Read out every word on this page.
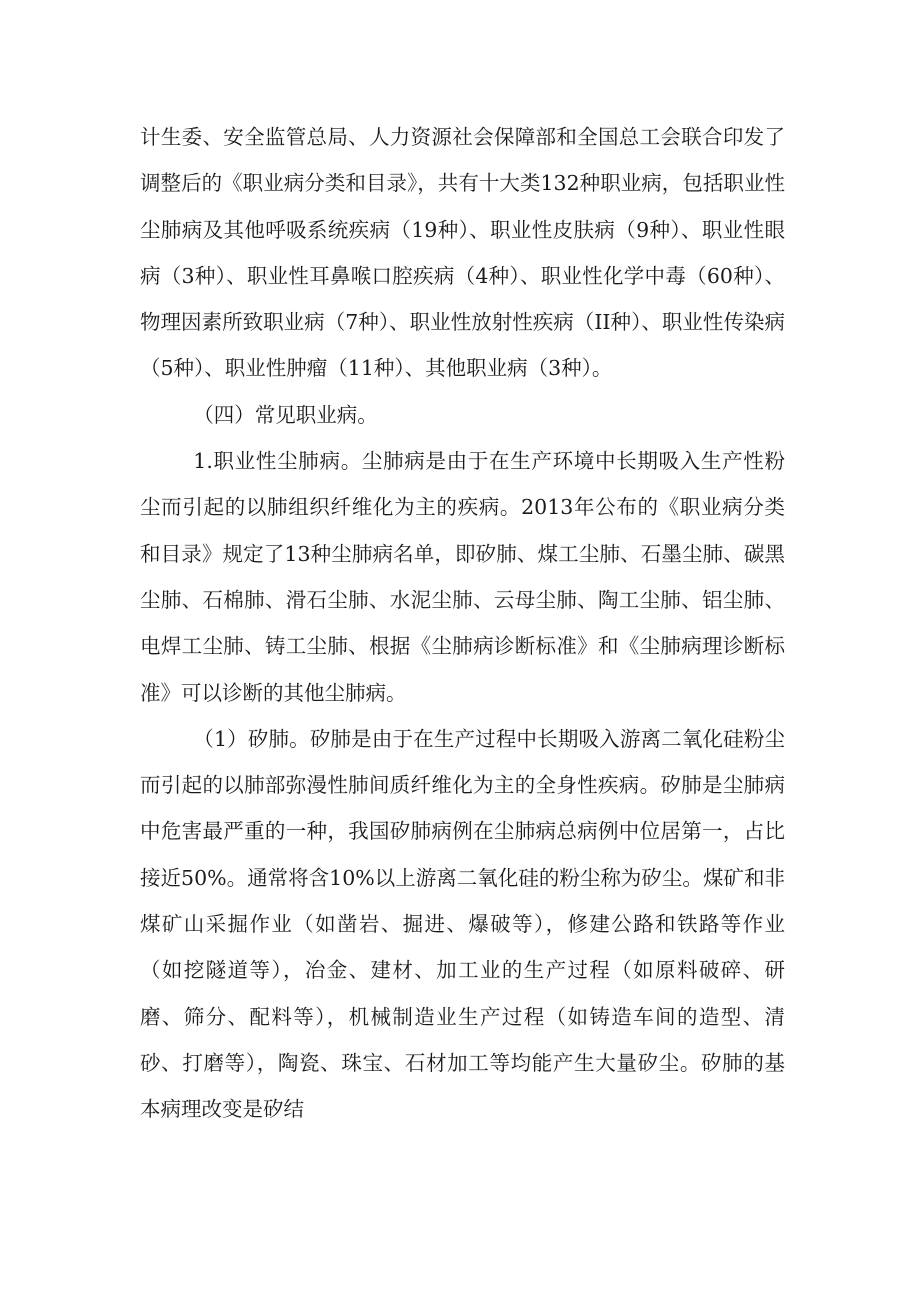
计生委、安全监管总局、人力资源社会保障部和全国总工会联合印发了调整后的《职业病分类和目录》，共有十大类132种职业病，包括职业性尘肺病及其他呼吸系统疾病（19种）、职业性皮肤病（9种）、职业性眼病（3种）、职业性耳鼻喉口腔疾病（4种）、职业性化学中毒（60种）、物理因素所致职业病（7种）、职业性放射性疾病（II种）、职业性传染病（5种）、职业性肿瘤（11种）、其他职业病（3种）。

（四）常见职业病。

1.职业性尘肺病。尘肺病是由于在生产环境中长期吸入生产性粉尘而引起的以肺组织纤维化为主的疾病。2013年公布的《职业病分类和目录》规定了13种尘肺病名单，即矽肺、煤工尘肺、石墨尘肺、碳黑尘肺、石棉肺、滑石尘肺、水泥尘肺、云母尘肺、陶工尘肺、铝尘肺、电焊工尘肺、铸工尘肺、根据《尘肺病诊断标准》和《尘肺病理诊断标准》可以诊断的其他尘肺病。

（1）矽肺。矽肺是由于在生产过程中长期吸入游离二氧化硅粉尘而引起的以肺部弥漫性肺间质纤维化为主的全身性疾病。矽肺是尘肺病中危害最严重的一种，我国矽肺病例在尘肺病总病例中位居第一，占比接近50%。通常将含10%以上游离二氧化硅的粉尘称为矽尘。煤矿和非煤矿山采掘作业（如凿岩、掘进、爆破等），修建公路和铁路等作业（如挖隧道等），冶金、建材、加工业的生产过程（如原料破碎、研磨、筛分、配料等），机械制造业生产过程（如铸造车间的造型、清砂、打磨等），陶瓷、珠宝、石材加工等均能产生大量矽尘。矽肺的基本病理改变是矽结
